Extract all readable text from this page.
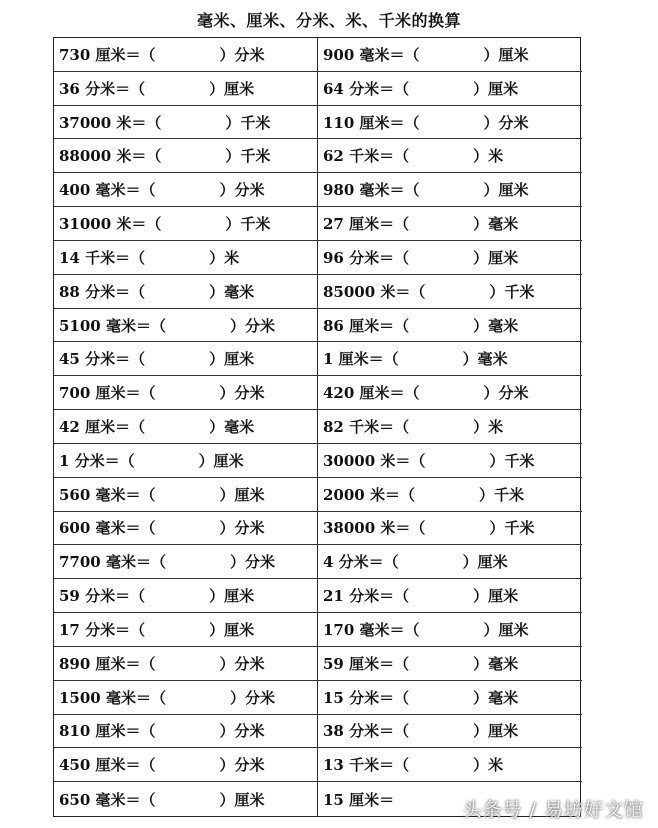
毫米、厘米、分米、米、千米的换算
730 厘米＝（	）分米	900 毫米＝（	）厘米
36 分米＝（	）厘米	64 分米＝（	）厘米
37000 米＝（	）千米	110 厘米＝（	）分米
88000 米＝（	）千米	62 千米＝（	）米
400 毫米＝（	）分米	980 毫米＝（	）厘米
31000 米＝（	）千米	27 厘米＝（	）毫米
14 千米＝（	）米	96 分米＝（	）厘米
88 分米＝（	）毫米	85000 米＝（	）千米
5100 毫米＝（	）分米	86 厘米＝（	）毫米
45 分米＝（	）厘米	1 厘米＝（	）毫米
700 厘米＝（	）分米	420 厘米＝（	）分米
42 厘米＝（	）毫米	82 千米＝（	）米
1 分米＝（	）厘米	30000 米＝（	）千米
560 毫米＝（	）厘米	2000 米＝（	）千米
600 毫米＝（	）分米	38000 米＝（	）千米
7700 毫米＝（	）分米	4 分米＝（	）厘米
59 分米＝（	）厘米	21 分米＝（	）厘米
17 分米＝（	）厘米	170 毫米＝（	）厘米
890 厘米＝（	）分米	59 厘米＝（	）毫米
1500 毫米＝（	）分米	15 分米＝（	）毫米
810 厘米＝（	）分米	38 分米＝（	）厘米
450 厘米＝（	）分米	13 千米＝（	）米
650 毫米＝（	）厘米	15 厘米＝	头条号 / 易坊好文馆
